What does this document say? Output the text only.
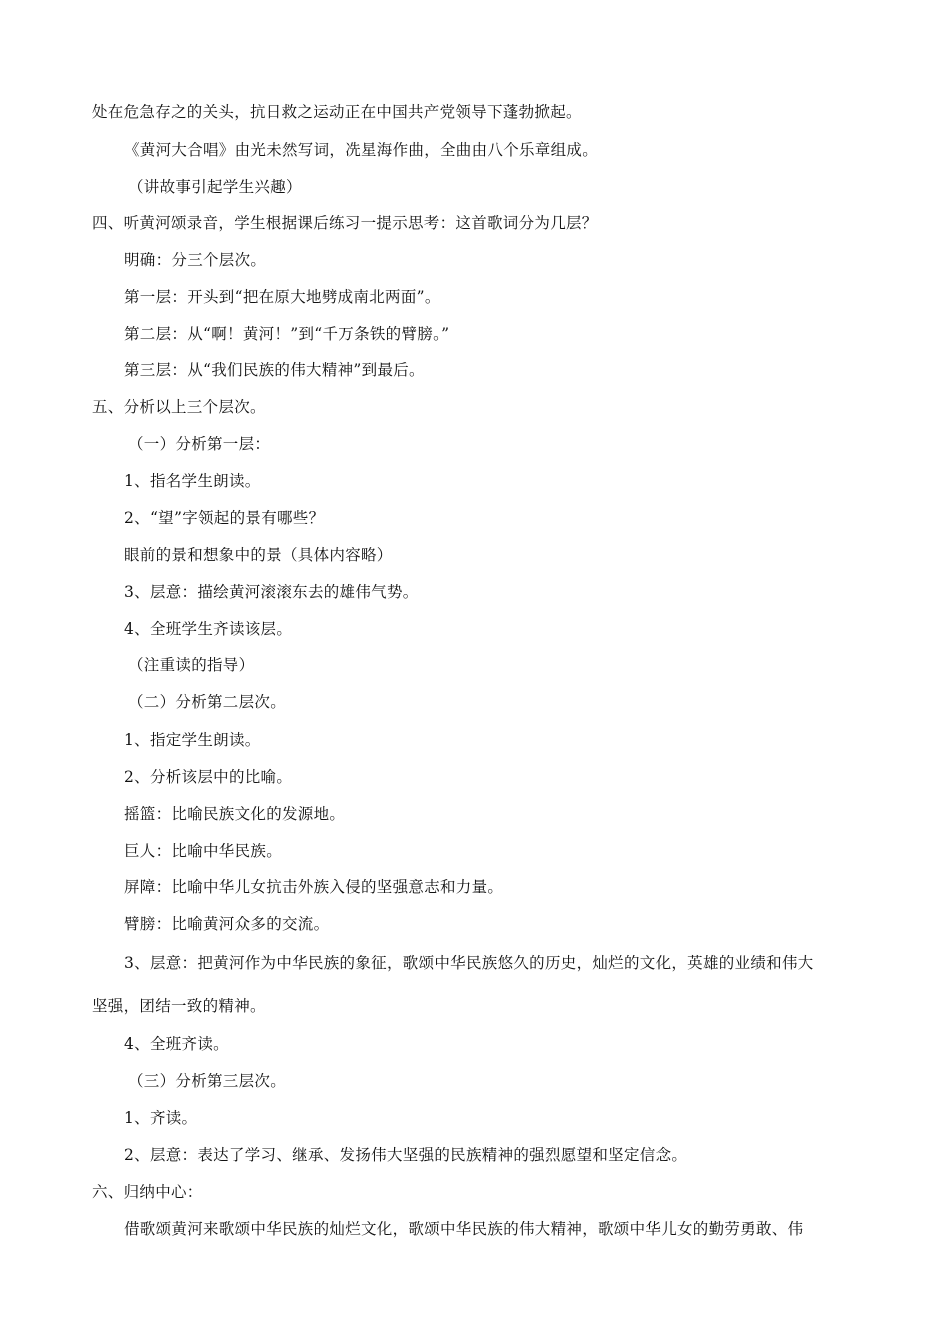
处在危急存之的关头，抗日救之运动正在中国共产党领导下蓬勃掀起。
《黄河大合唱》由光未然写词，冼星海作曲，全曲由八个乐章组成。
（讲故事引起学生兴趣）
四、听黄河颂录音，学生根据课后练习一提示思考：这首歌词分为几层？
明确：分三个层次。
第一层：开头到“把在原大地劈成南北两面”。
第二层：从“啊！黄河！”到“千万条铁的臂膀。”
第三层：从“我们民族的伟大精神”到最后。
五、分析以上三个层次。
（一）分析第一层：
1、指名学生朗读。
2、“望”字领起的景有哪些？
眼前的景和想象中的景（具体内容略）
3、层意：描绘黄河滚滚东去的雄伟气势。
4、全班学生齐读该层。
（注重读的指导）
（二）分析第二层次。
1、指定学生朗读。
2、分析该层中的比喻。
摇篮：比喻民族文化的发源地。
巨人：比喻中华民族。
屏障：比喻中华儿女抗击外族入侵的坚强意志和力量。
臂膀：比喻黄河众多的交流。
3、层意：把黄河作为中华民族的象征，歌颂中华民族悠久的历史，灿烂的文化，英雄的业绩和伟大
坚强，团结一致的精神。
4、全班齐读。
（三）分析第三层次。
1、齐读。
2、层意：表达了学习、继承、发扬伟大坚强的民族精神的强烈愿望和坚定信念。
六、归纳中心：
借歌颂黄河来歌颂中华民族的灿烂文化，歌颂中华民族的伟大精神，歌颂中华儿女的勤劳勇敢、伟
